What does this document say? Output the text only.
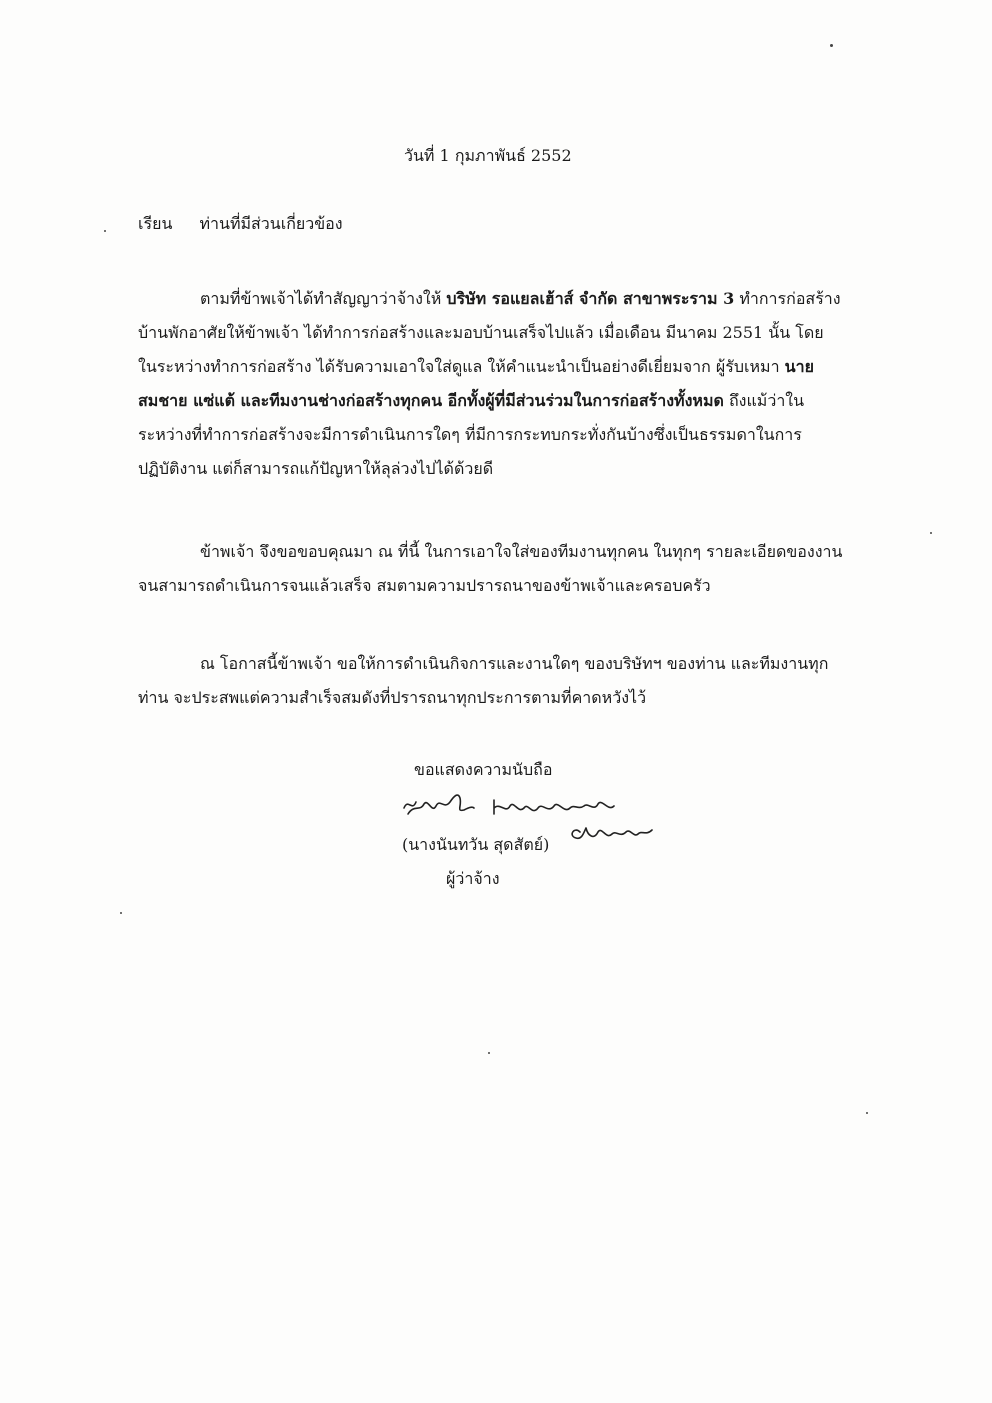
วันที่ 1 กุมภาพันธ์ 2552
เรียน ท่านที่มีส่วนเกี่ยวข้อง
ตามที่ข้าพเจ้าได้ทำสัญญาว่าจ้างให้ บริษัท รอแยลเฮ้าส์ จำกัด สาขาพระราม 3 ทำการก่อสร้าง
บ้านพักอาศัยให้ข้าพเจ้า ได้ทำการก่อสร้างและมอบบ้านเสร็จไปแล้ว เมื่อเดือน มีนาคม 2551 นั้น โดย
ในระหว่างทำการก่อสร้าง ได้รับความเอาใจใส่ดูแล ให้คำแนะนำเป็นอย่างดีเยี่ยมจาก ผู้รับเหมา นาย
สมชาย แซ่แต้ และทีมงานช่างก่อสร้างทุกคน อีกทั้งผู้ที่มีส่วนร่วมในการก่อสร้างทั้งหมด ถึงแม้ว่าใน
ระหว่างที่ทำการก่อสร้างจะมีการดำเนินการใดๆ ที่มีการกระทบกระทั่งกันบ้างซึ่งเป็นธรรมดาในการ
ปฏิบัติงาน แต่ก็สามารถแก้ปัญหาให้ลุล่วงไปได้ด้วยดี
ข้าพเจ้า จึงขอขอบคุณมา ณ ที่นี้ ในการเอาใจใส่ของทีมงานทุกคน ในทุกๆ รายละเอียดของงาน
จนสามารถดำเนินการจนแล้วเสร็จ สมตามความปรารถนาของข้าพเจ้าและครอบครัว
ณ โอกาสนี้ข้าพเจ้า ขอให้การดำเนินกิจการและงานใดๆ ของบริษัทฯ ของท่าน และทีมงานทุก
ท่าน จะประสพแต่ความสำเร็จสมดังที่ปรารถนาทุกประการตามที่คาดหวังไว้
ขอแสดงความนับถือ
(นางนันทวัน สุดสัตย์)
ผู้ว่าจ้าง
